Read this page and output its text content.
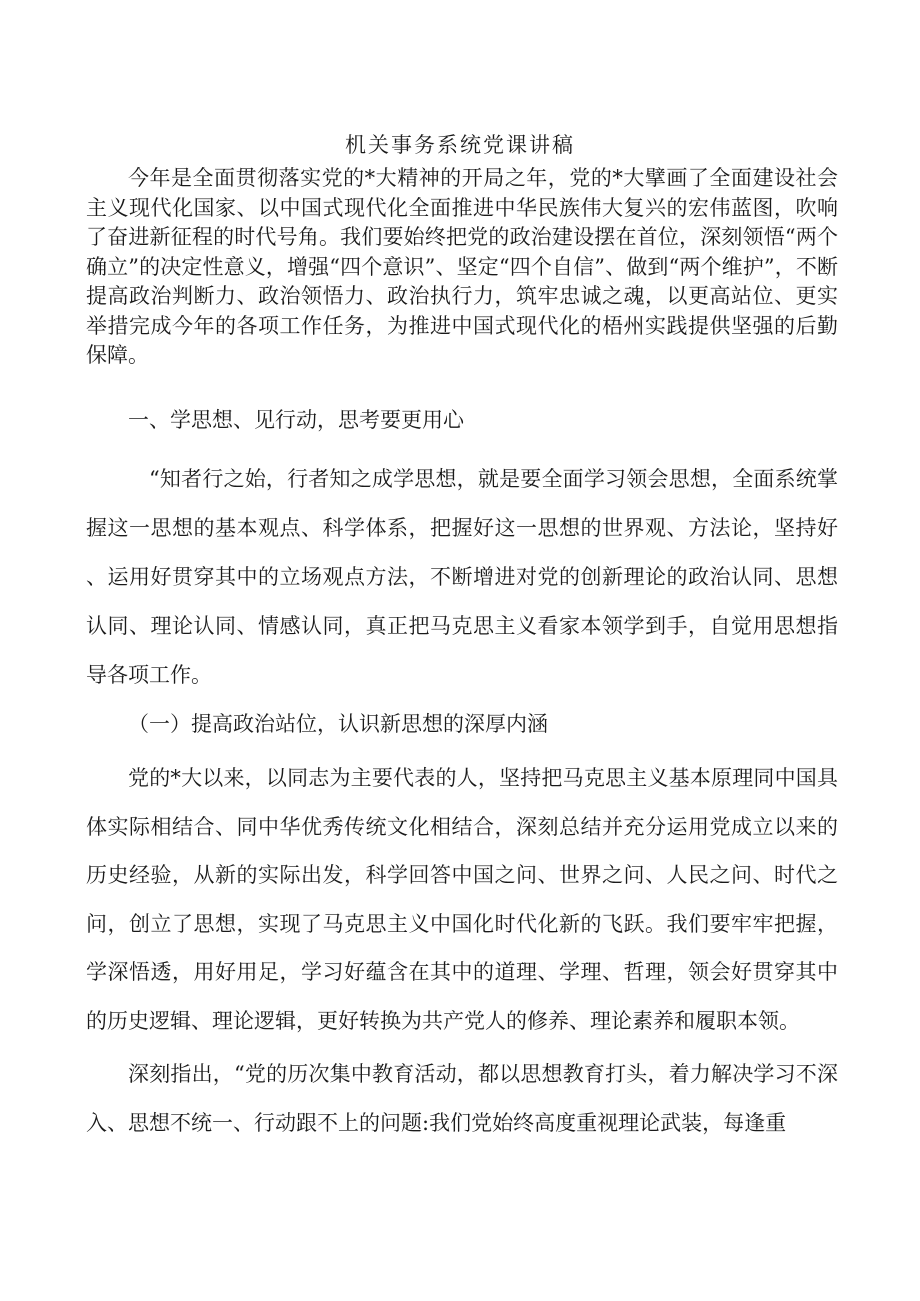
机关事务系统党课讲稿
今年是全面贯彻落实党的*大精神的开局之年，党的*大擘画了全面建设社会主义现代化国家、以中国式现代化全面推进中华民族伟大复兴的宏伟蓝图，吹响了奋进新征程的时代号角。我们要始终把党的政治建设摆在首位，深刻领悟“两个确立”的决定性意义，增强“四个意识”、坚定“四个自信”、做到“两个维护”，不断提高政治判断力、政治领悟力、政治执行力，筑牢忠诚之魂，以更高站位、更实举措完成今年的各项工作任务，为推进中国式现代化的梧州实践提供坚强的后勤保障。
一、学思想、见行动，思考要更用心
“知者行之始，行者知之成学思想，就是要全面学习领会思想，全面系统掌握这一思想的基本观点、科学体系，把握好这一思想的世界观、方法论，坚持好、运用好贯穿其中的立场观点方法，不断增进对党的创新理论的政治认同、思想认同、理论认同、情感认同，真正把马克思主义看家本领学到手，自觉用思想指导各项工作。
（一）提高政治站位，认识新思想的深厚内涵
党的*大以来，以同志为主要代表的人，坚持把马克思主义基本原理同中国具体实际相结合、同中华优秀传统文化相结合，深刻总结并充分运用党成立以来的历史经验，从新的实际出发，科学回答中国之问、世界之问、人民之问、时代之问，创立了思想，实现了马克思主义中国化时代化新的飞跃。我们要牢牢把握，学深悟透，用好用足，学习好蕴含在其中的道理、学理、哲理，领会好贯穿其中的历史逻辑、理论逻辑，更好转换为共产党人的修养、理论素养和履职本领。
深刻指出，“党的历次集中教育活动，都以思想教育打头，着力解决学习不深入、思想不统一、行动跟不上的问题:我们党始终高度重视理论武装，每逢重
